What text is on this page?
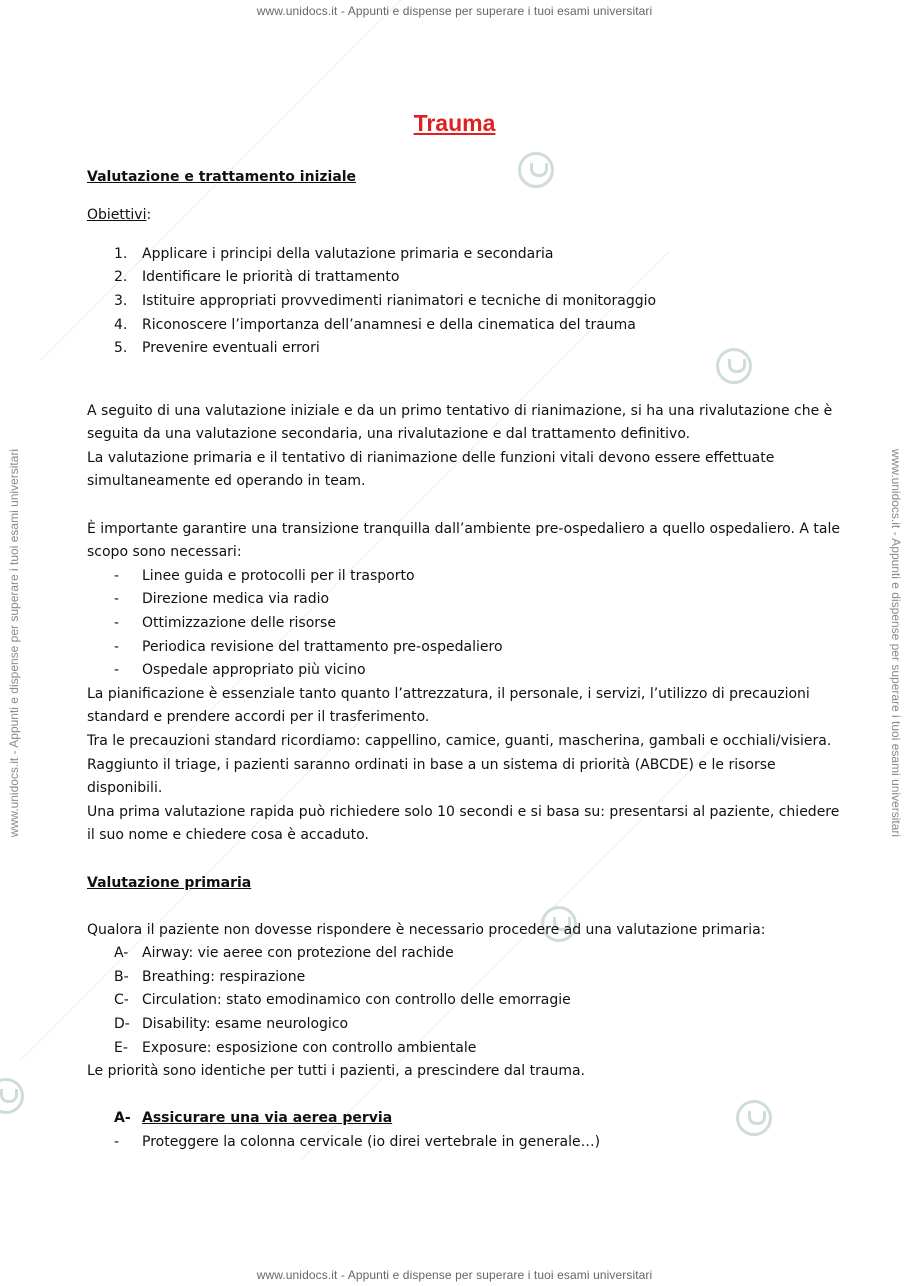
www.unidocs.it - Appunti e dispense per superare i tuoi esami universitari
www.unidocs.it - Appunti e dispense per superare i tuoi esami universitari
www.unidocs.it - Appunti e dispense per superare i tuoi esami universitari	www.unidocs.it - Appunti e dispense per superare i tuoi esami universitari
Trauma
Valutazione e trattamento iniziale
Obiettivi:
1. Applicare i principi della valutazione primaria e secondaria
2. Identificare le priorità di trattamento
3. Istituire appropriati provvedimenti rianimatori e tecniche di monitoraggio
4. Riconoscere l’importanza dell’anamnesi e della cinematica del trauma
5. Prevenire eventuali errori
A seguito di una valutazione iniziale e da un primo tentativo di rianimazione, si ha una rivalutazione che è
seguita da una valutazione secondaria, una rivalutazione e dal trattamento definitivo.
La valutazione primaria e il tentativo di rianimazione delle funzioni vitali devono essere effettuate
simultaneamente ed operando in team.
È importante garantire una transizione tranquilla dall’ambiente pre-ospedaliero a quello ospedaliero. A tale
scopo sono necessari:
- Linee guida e protocolli per il trasporto
- Direzione medica via radio
- Ottimizzazione delle risorse
- Periodica revisione del trattamento pre-ospedaliero
- Ospedale appropriato più vicino
La pianificazione è essenziale tanto quanto l’attrezzatura, il personale, i servizi, l’utilizzo di precauzioni
standard e prendere accordi per il trasferimento.
Tra le precauzioni standard ricordiamo: cappellino, camice, guanti, mascherina, gambali e occhiali/visiera.
Raggiunto il triage, i pazienti saranno ordinati in base a un sistema di priorità (ABCDE) e le risorse
disponibili.
Una prima valutazione rapida può richiedere solo 10 secondi e si basa su: presentarsi al paziente, chiedere
il suo nome e chiedere cosa è accaduto.
Valutazione primaria
Qualora il paziente non dovesse rispondere è necessario procedere ad una valutazione primaria:
A- Airway: vie aeree con protezione del rachide
B- Breathing: respirazione
C- Circulation: stato emodinamico con controllo delle emorragie
D- Disability: esame neurologico
E- Exposure: esposizione con controllo ambientale
Le priorità sono identiche per tutti i pazienti, a prescindere dal trauma.
A- Assicurare una via aerea pervia
- Proteggere la colonna cervicale (io direi vertebrale in generale…)
